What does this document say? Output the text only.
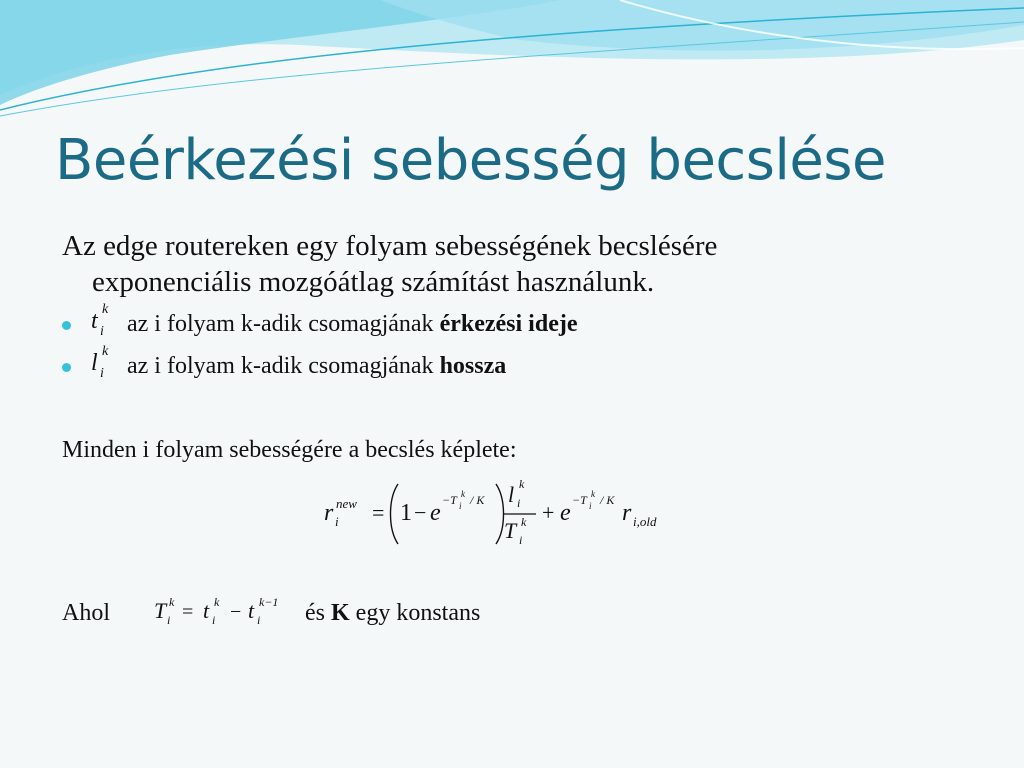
Beérkezési sebesség becslése
Az edge routereken egy folyam sebességének becslésére
exponenciális mozgóátlag számítást használunk.
t k
i az i folyam k-adik csomagjának érkezési ideje
l k
i az i folyam k-adik csomagjának hossza
Minden i folyam sebességére a becslés képlete:
r new
i = 1 − e −T k
i / K l k
i
T k
i
+ e −T k
i / K r i,old
Ahol T k
i = t k
i − t k−1
i és K egy konstans
